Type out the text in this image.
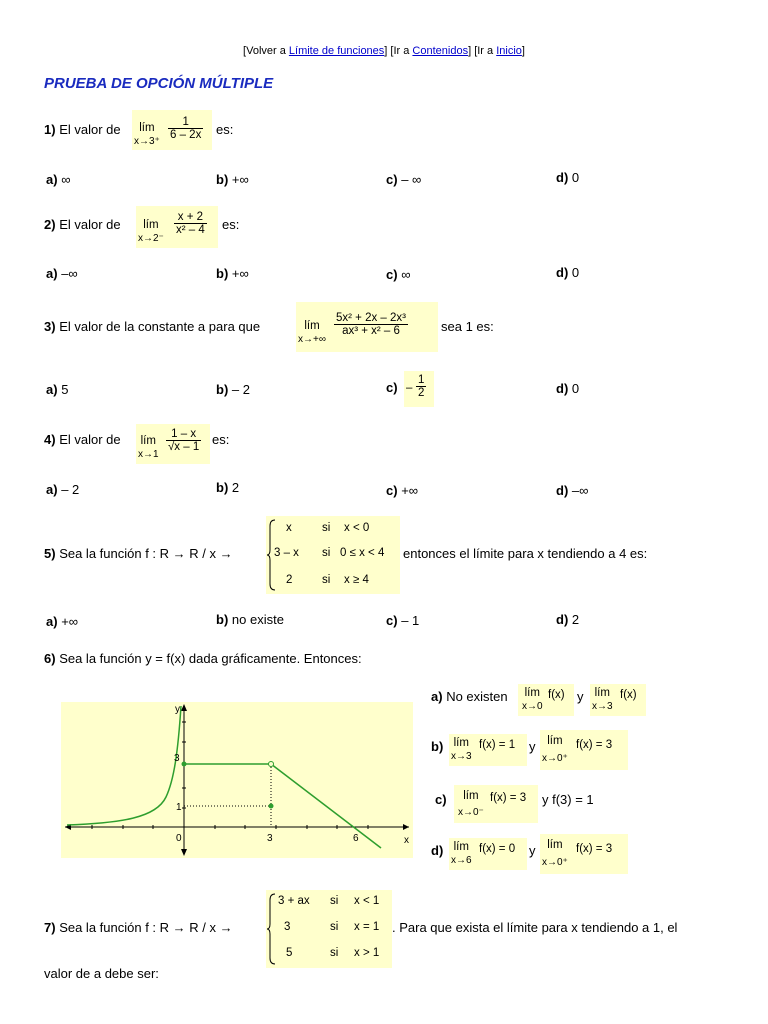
[Volver a Límite de funciones] [Ir a Contenidos] [Ir a Inicio]
PRUEBA DE OPCIÓN MÚLTIPLE
1) El valor de	lím
x→3⁺
$\frac{1}{6 - 2x}$ es:
a) ∞	b) +∞	c) – ∞	d) 0
2) El valor de	lím
x→2⁻
$\frac{x + 2}{\text{x² – 4}}$ es:
a) –∞	b) +∞	c) ∞	d) 0
3) El valor de la constante a para que	lím
x→+∞
$\frac{\text{5x² + 2x – 2x³}}{\text{ax³ + x² – 6}}$	sea 1 es:
a) 5	b) – 2	$c) - \frac{1}{2}$	d) 0
4) El valor de lím
x→1
$\frac{1 - x}{√x - 1}$ es:
a) – 2	b) 2	c) +∞	d) –∞
5) Sea la función f : R → R / x →
x	si x < 0
3 – x si 0 ≤ x < 4
2	si x ≥ 4
entonces el límite para x tendiendo a 4 es:
a) +∞	b) no existe	c) – 1	d) 2
6) Sea la función y = f(x) dada gráficamente. Entonces:
y
x
0	3	6
3
1
a) No existen lím
x→0
f(x) y lím
x→3
f(x)
b) lím
x→3
f(x) = 1 y	lím
x→0⁺
f(x) = 3
c)	lím
x→0⁻
f(x) = 3 y f(3) = 1
d) lím
x→6
f(x) = 0 y	lím
x→0⁺
f(x) = 3
7) Sea la función f : R → R / x →
3 + ax si x < 1
3	si x = 1
5	si x > 1
. Para que exista el límite para x tendiendo a 1, el
valor de a debe ser:
